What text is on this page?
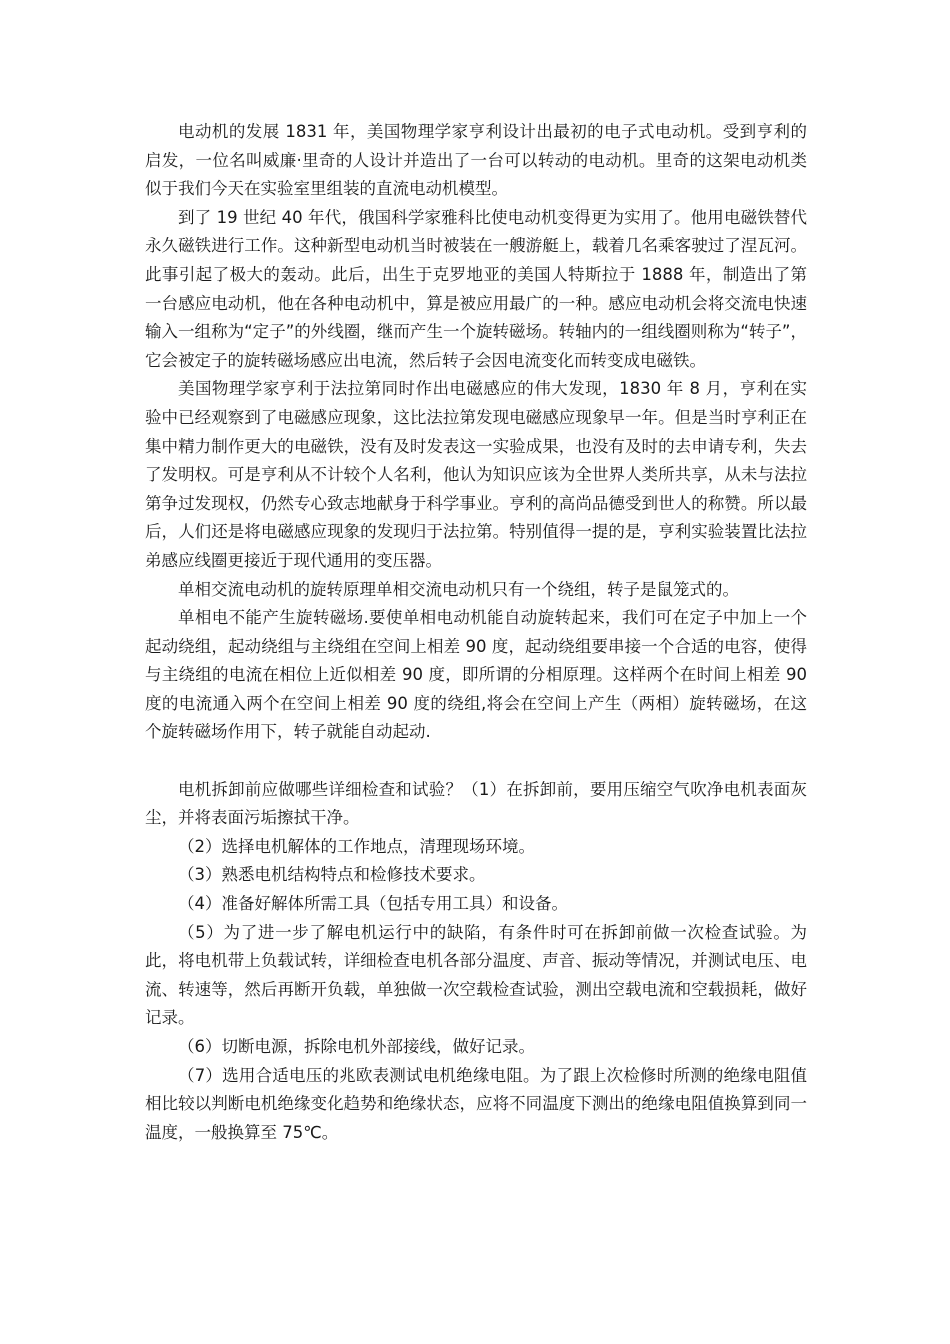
电动机的发展 1831 年，美国物理学家亨利设计出最初的电子式电动机。受到亨利的启发，一位名叫威廉·里奇的人设计并造出了一台可以转动的电动机。里奇的这架电动机类似于我们今天在实验室里组装的直流电动机模型。

到了 19 世纪 40 年代，俄国科学家雅科比使电动机变得更为实用了。他用电磁铁替代永久磁铁进行工作。这种新型电动机当时被装在一艘游艇上，载着几名乘客驶过了涅瓦河。此事引起了极大的轰动。此后，出生于克罗地亚的美国人特斯拉于 1888 年，制造出了第一台感应电动机，他在各种电动机中，算是被应用最广的一种。感应电动机会将交流电快速输入一组称为“定子”的外线圈，继而产生一个旋转磁场。转轴内的一组线圈则称为“转子”，它会被定子的旋转磁场感应出电流，然后转子会因电流变化而转变成电磁铁。

美国物理学家亨利于法拉第同时作出电磁感应的伟大发现，1830 年 8 月，亨利在实验中已经观察到了电磁感应现象，这比法拉第发现电磁感应现象早一年。但是当时亨利正在集中精力制作更大的电磁铁，没有及时发表这一实验成果，也没有及时的去申请专利，失去了发明权。可是亨利从不计较个人名利，他认为知识应该为全世界人类所共享，从未与法拉第争过发现权，仍然专心致志地献身于科学事业。亨利的高尚品德受到世人的称赞。所以最后，人们还是将电磁感应现象的发现归于法拉第。特别值得一提的是，亨利实验装置比法拉弟感应线圈更接近于现代通用的变压器。

单相交流电动机的旋转原理单相交流电动机只有一个绕组，转子是鼠笼式的。

单相电不能产生旋转磁场.要使单相电动机能自动旋转起来，我们可在定子中加上一个起动绕组，起动绕组与主绕组在空间上相差 90 度，起动绕组要串接一个合适的电容，使得与主绕组的电流在相位上近似相差 90 度，即所谓的分相原理。这样两个在时间上相差 90 度的电流通入两个在空间上相差 90 度的绕组,将会在空间上产生（两相）旋转磁场，在这个旋转磁场作用下，转子就能自动起动.

电机拆卸前应做哪些详细检查和试验？（1）在拆卸前，要用压缩空气吹净电机表面灰尘，并将表面污垢擦拭干净。

（2）选择电机解体的工作地点，清理现场环境。

（3）熟悉电机结构特点和检修技术要求。

（4）准备好解体所需工具（包括专用工具）和设备。

（5）为了进一步了解电机运行中的缺陷，有条件时可在拆卸前做一次检查试验。为此，将电机带上负载试转，详细检查电机各部分温度、声音、振动等情况，并测试电压、电流、转速等，然后再断开负载，单独做一次空载检查试验，测出空载电流和空载损耗，做好记录。

（6）切断电源，拆除电机外部接线，做好记录。

（7）选用合适电压的兆欧表测试电机绝缘电阻。为了跟上次检修时所测的绝缘电阻值相比较以判断电机绝缘变化趋势和绝缘状态，应将不同温度下测出的绝缘电阻值换算到同一温度，一般换算至 75℃。
